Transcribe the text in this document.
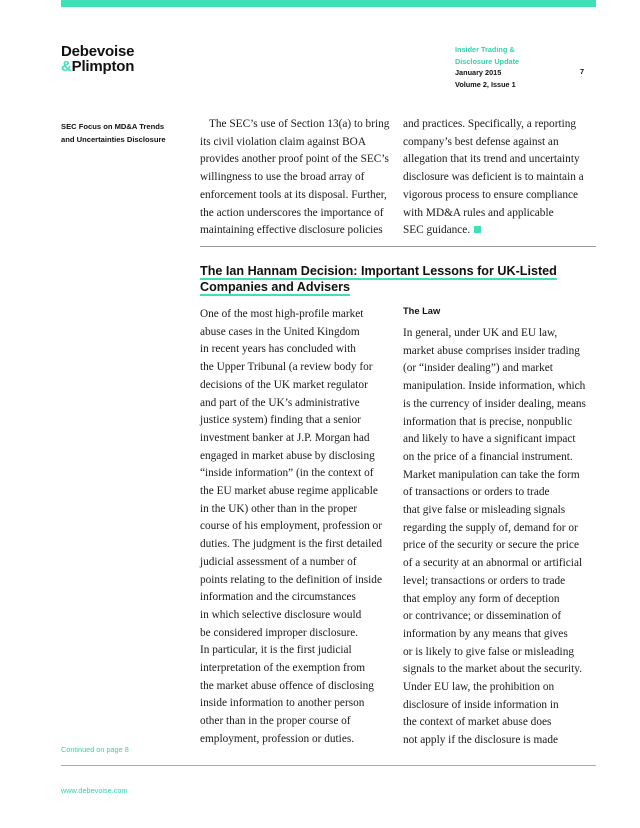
Debevoise
&Plimpton
Insider Trading &
Disclosure Update
January 2015
Volume 2, Issue 1
7
SEC Focus on MD&A Trends and Uncertainties Disclosure

The SEC’s use of Section 13(a) to bring
its civil violation claim against BOA
provides another proof point of the SEC’s
willingness to use the broad array of
enforcement tools at its disposal. Further,
the action underscores the importance of
maintaining effective disclosure policies

and practices. Specifically, a reporting
company’s best defense against an
allegation that its trend and uncertainty
disclosure was deficient is to maintain a
vigorous process to ensure compliance
with MD&A rules and applicable
SEC guidance.
The Ian Hannam Decision: Important Lessons for UK-Listed Companies and Advisers

One of the most high-profile market
abuse cases in the United Kingdom
in recent years has concluded with
the Upper Tribunal (a review body for
decisions of the UK market regulator
and part of the UK’s administrative
justice system) finding that a senior
investment banker at J.P. Morgan had
engaged in market abuse by disclosing
“inside information” (in the context of
the EU market abuse regime applicable
in the UK) other than in the proper
course of his employment, profession or
duties. The judgment is the first detailed
judicial assessment of a number of
points relating to the definition of inside
information and the circumstances
in which selective disclosure would
be considered improper disclosure.
In particular, it is the first judicial
interpretation of the exemption from
the market abuse offence of disclosing
inside information to another person
other than in the proper course of
employment, profession or duties.

The Law

In general, under UK and EU law,
market abuse comprises insider trading
(or “insider dealing”) and market
manipulation. Inside information, which
is the currency of insider dealing, means
information that is precise, nonpublic
and likely to have a significant impact
on the price of a financial instrument.
Market manipulation can take the form
of transactions or orders to trade
that give false or misleading signals
regarding the supply of, demand for or
price of the security or secure the price
of a security at an abnormal or artificial
level; transactions or orders to trade
that employ any form of deception
or contrivance; or dissemination of
information by any means that gives
or is likely to give false or misleading
signals to the market about the security.
Under EU law, the prohibition on
disclosure of inside information in
the context of market abuse does
not apply if the disclosure is made

Continued on page 8
www.debevoise.com
